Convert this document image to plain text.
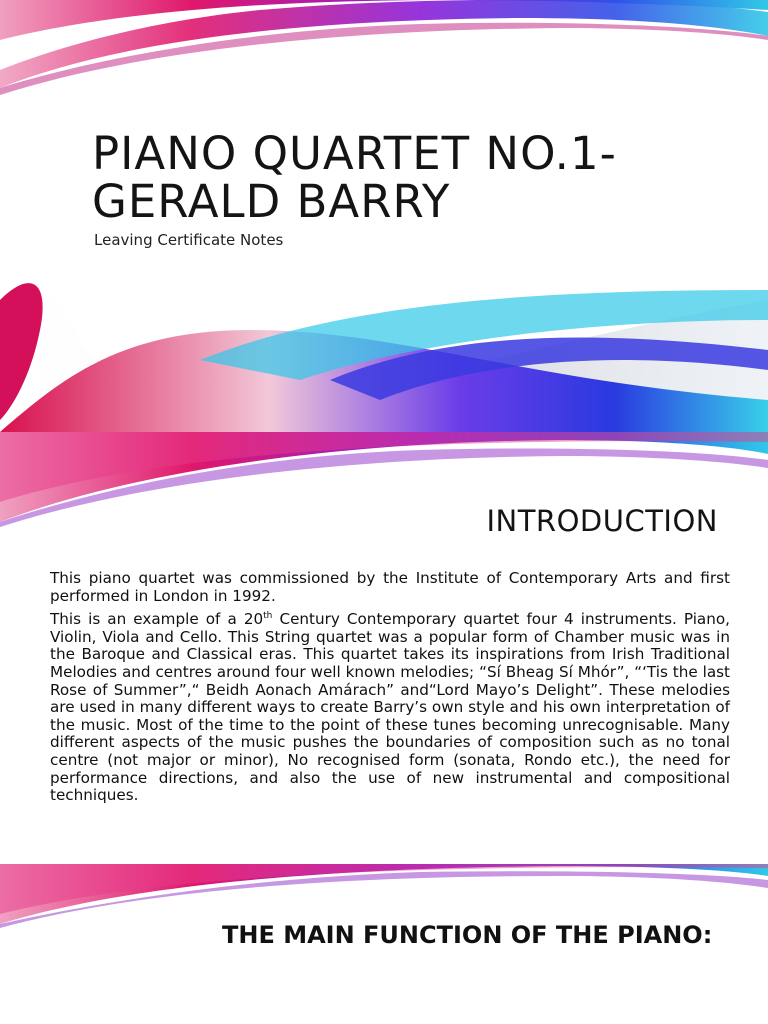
PIANO QUARTET NO.1- GERALD BARRY
Leaving Certificate Notes
INTRODUCTION

This piano quartet was commissioned by the Institute of Contemporary Arts and first performed in London in 1992.

This is an example of a 20th Century Contemporary quartet four 4 instruments. Piano, Violin, Viola and Cello. This String quartet was a popular form of Chamber music was in the Baroque and Classical eras. This quartet takes its inspirations from Irish Traditional Melodies and centres around four well known melodies; “Sí Bheag Sí Mhór”, “‘Tis the last Rose of Summer”,“ Beidh Aonach Amárach” and“Lord Mayo’s Delight”. These melodies are used in many different ways to create Barry’s own style and his own interpretation of the music. Most of the time to the point of these tunes becoming unrecognisable. Many different aspects of the music pushes the boundaries of composition such as no tonal centre (not major or minor), No recognised form (sonata, Rondo etc.), the need for performance directions, and also the use of new instrumental and compositional techniques.

THE MAIN FUNCTION OF THE PIANO:
